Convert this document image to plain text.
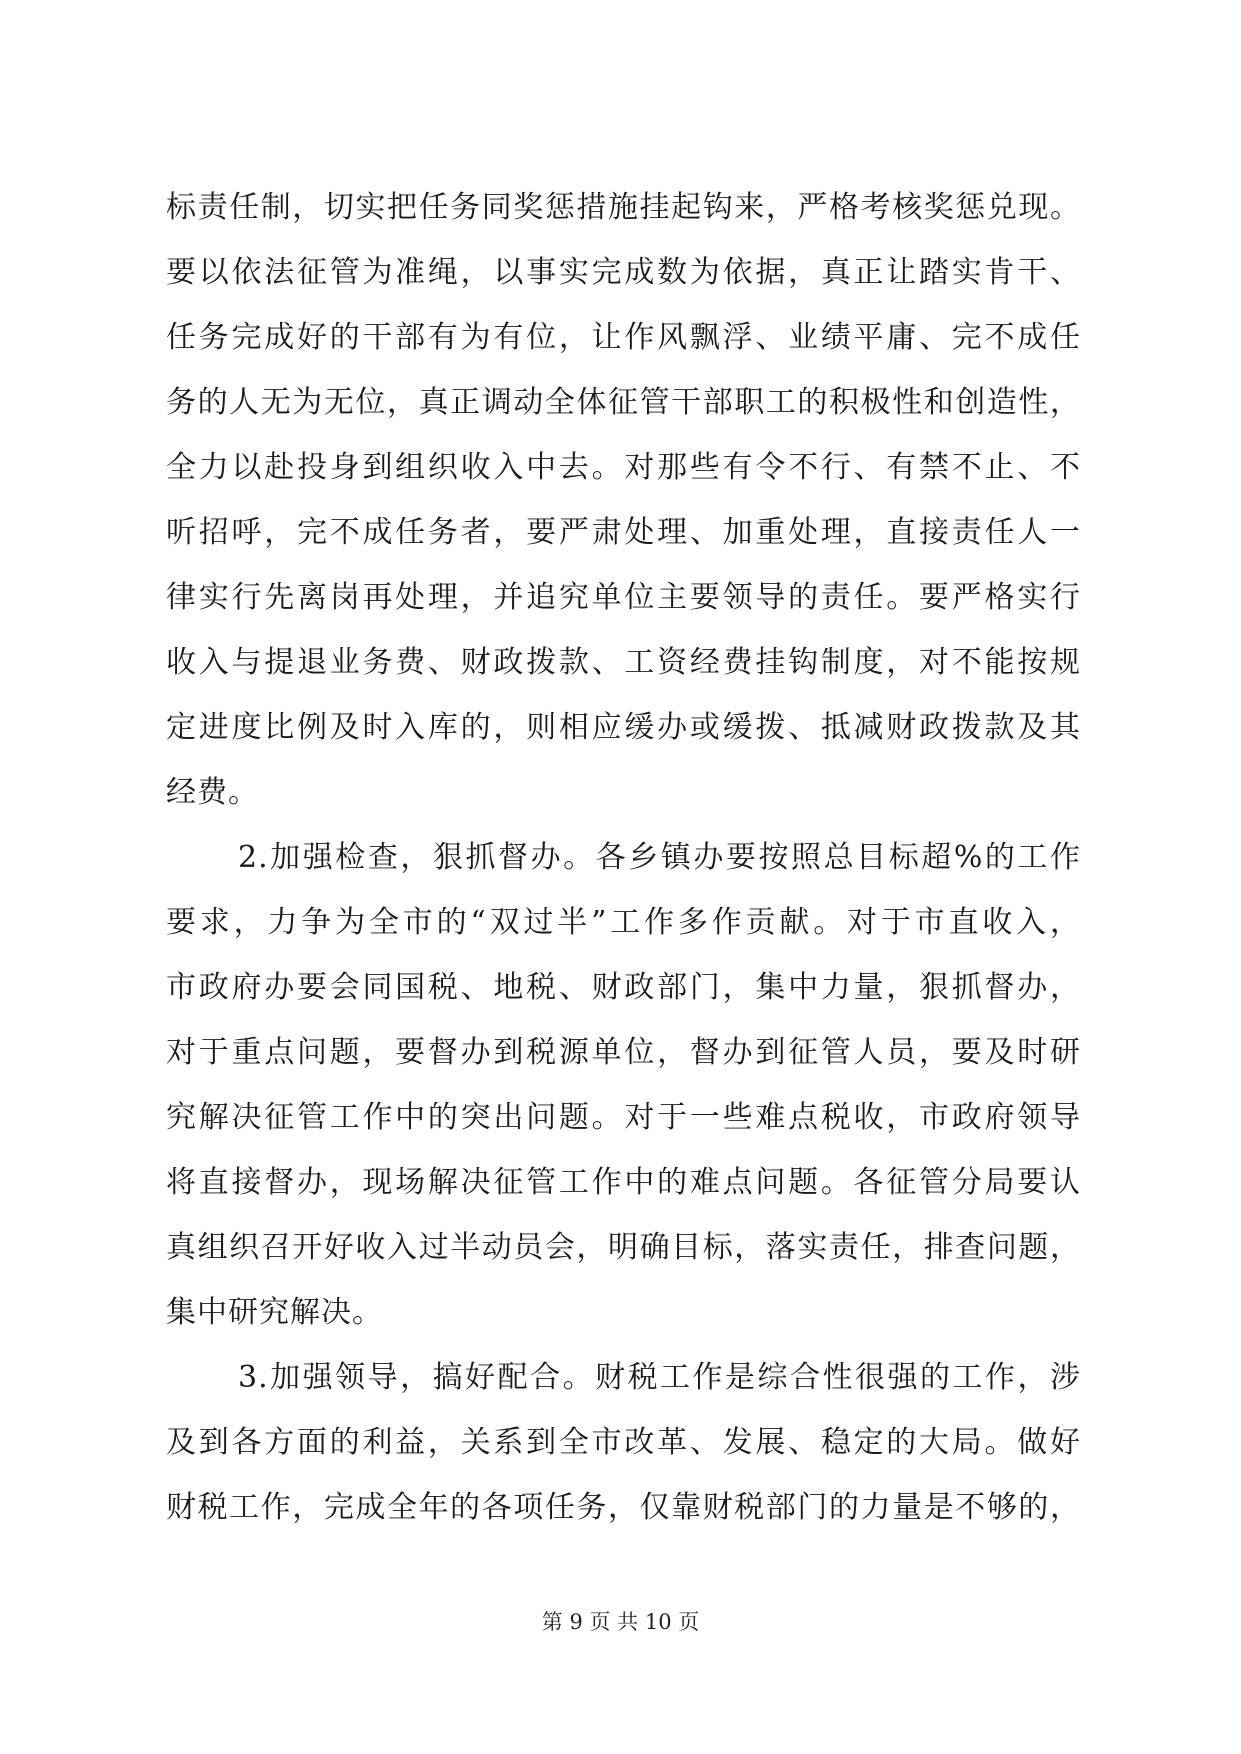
标责任制，切实把任务同奖惩措施挂起钩来，严格考核奖惩兑现。
要以依法征管为准绳，以事实完成数为依据，真正让踏实肯干、
任务完成好的干部有为有位，让作风飘浮、业绩平庸、完不成任
务的人无为无位，真正调动全体征管干部职工的积极性和创造性，
全力以赴投身到组织收入中去。对那些有令不行、有禁不止、不
听招呼，完不成任务者，要严肃处理、加重处理，直接责任人一
律实行先离岗再处理，并追究单位主要领导的责任。要严格实行
收入与提退业务费、财政拨款、工资经费挂钩制度，对不能按规
定进度比例及时入库的，则相应缓办或缓拨、抵减财政拨款及其
经费。
2.加强检查，狠抓督办。各乡镇办要按照总目标超%的工作
要求，力争为全市的“双过半”工作多作贡献。对于市直收入，
市政府办要会同国税、地税、财政部门，集中力量，狠抓督办，
对于重点问题，要督办到税源单位，督办到征管人员，要及时研
究解决征管工作中的突出问题。对于一些难点税收，市政府领导
将直接督办，现场解决征管工作中的难点问题。各征管分局要认
真组织召开好收入过半动员会，明确目标，落实责任，排查问题，
集中研究解决。
3.加强领导，搞好配合。财税工作是综合性很强的工作，涉
及到各方面的利益，关系到全市改革、发展、稳定的大局。做好
财税工作，完成全年的各项任务，仅靠财税部门的力量是不够的，
第 9 页 共 10 页
